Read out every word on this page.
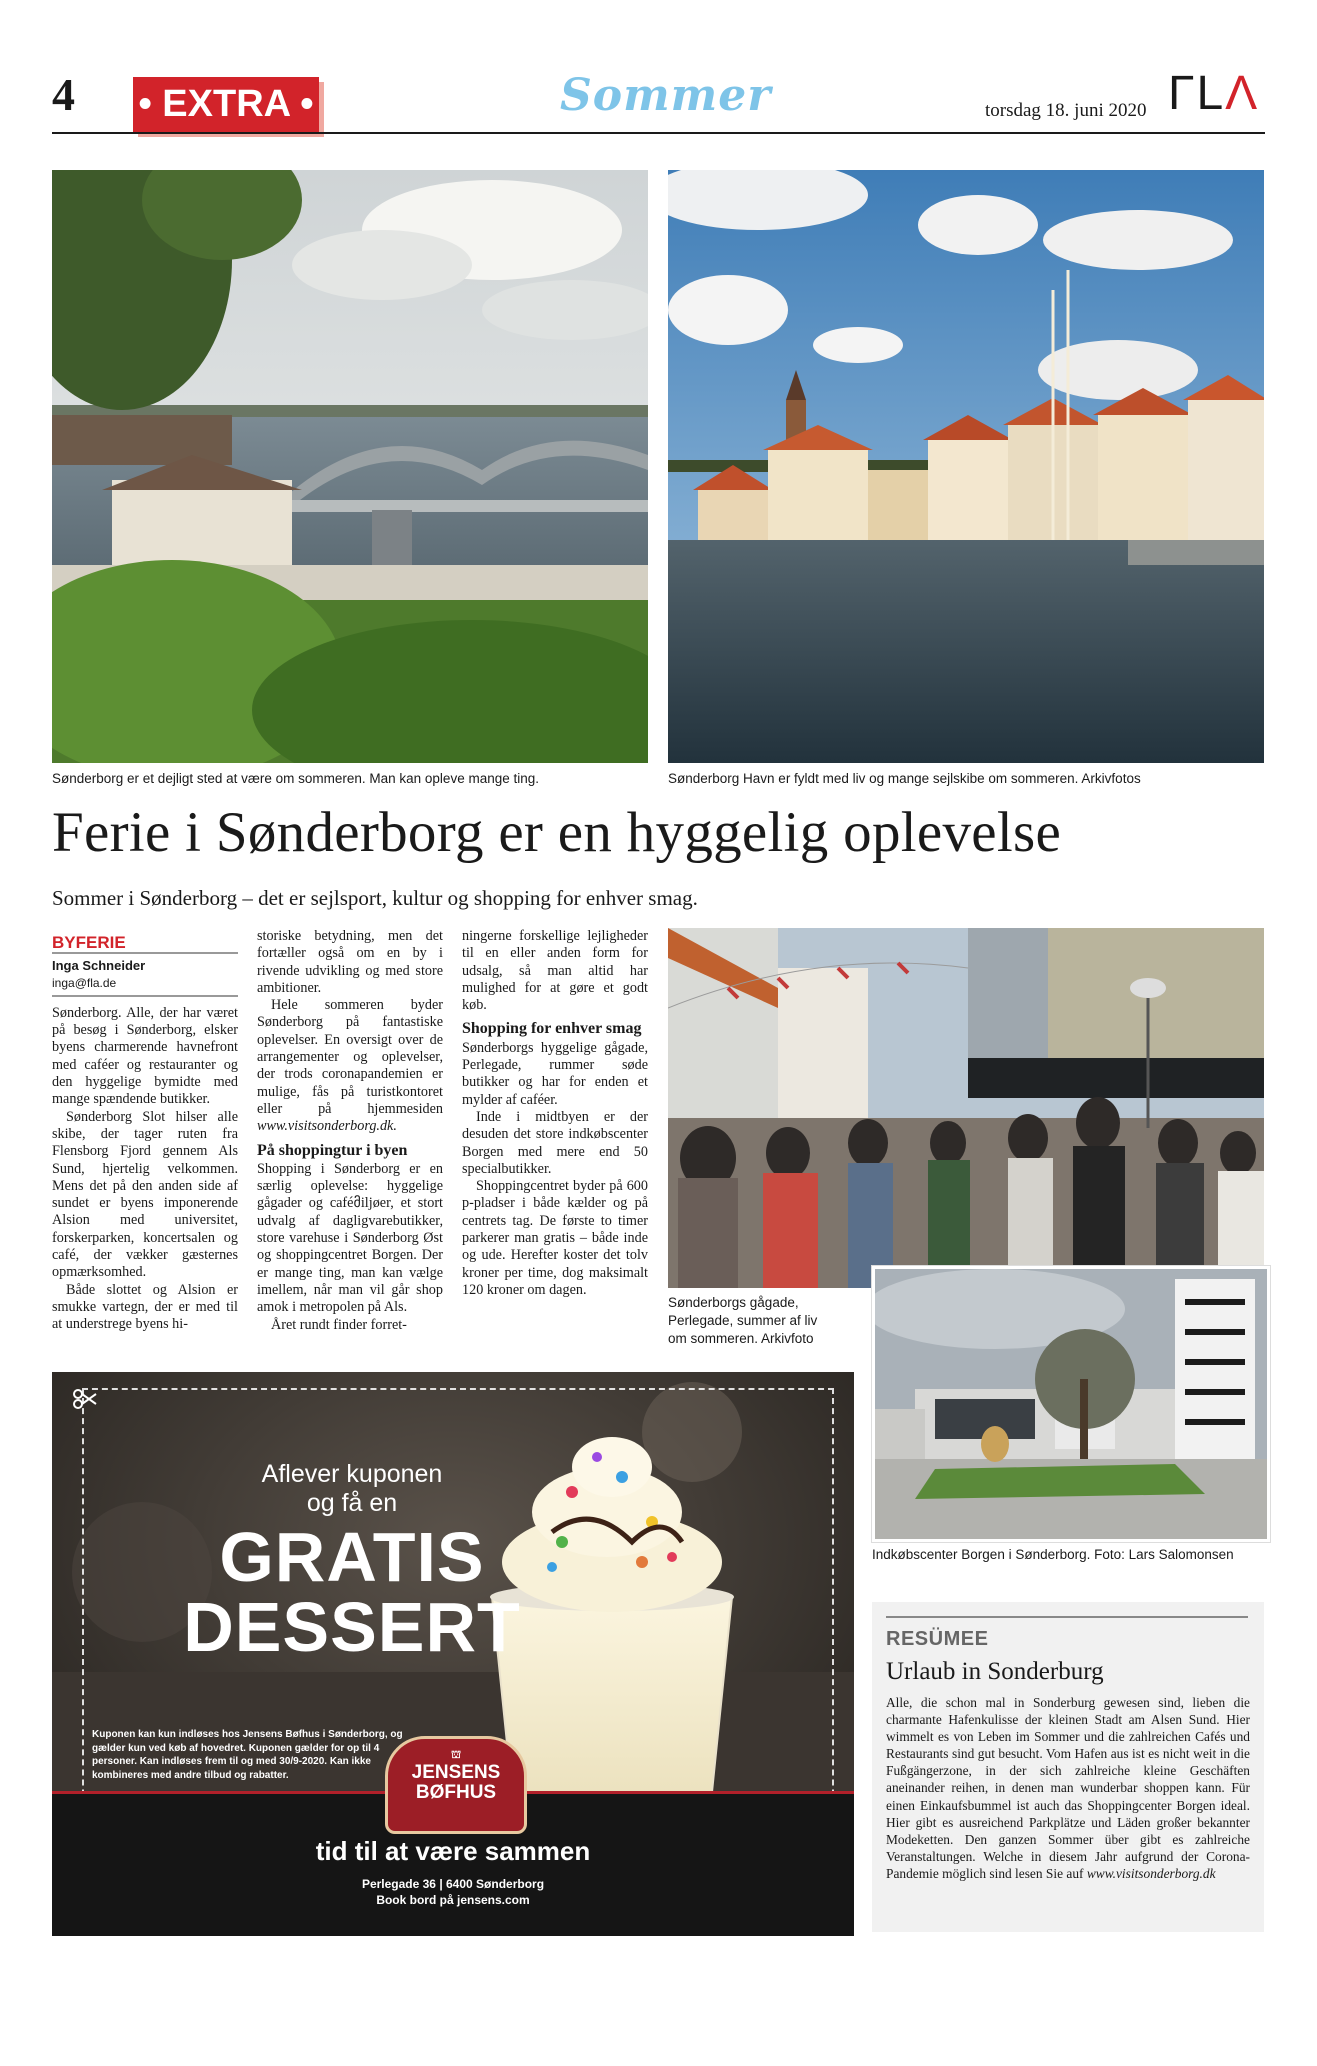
4 • EXTRA •	Sommer	torsdag 18. juni 2020 ΓLΛ
Sønderborg er et dejligt sted at være om sommeren. Man kan opleve mange ting.	Sønderborg Havn er fyldt med liv og mange sejlskibe om sommeren. Arkivfotos
Ferie i Sønderborg er en hyggelig oplevelse
Sommer i Sønderborg – det er sejlsport, kultur og shopping for enhver smag.
BYFERIE
Inga Schneider
inga@fla.de

Sønderborg. Alle, der har været på besøg i Sønderborg, elsker byens charmerende havnefront med caféer og restauranter og den hyggelige bymidte med mange spændende butikker.

Sønderborg Slot hilser alle skibe, der tager ruten fra Flensborg Fjord gennem Als Sund, hjertelig velkommen. Mens det på den anden side af sundet er byens imponerende Alsion med universitet, forskerparken, koncertsalen og café, der vækker gæsternes opmærksomhed.

Både slottet og Alsion er smukke vartegn, der er med til at understrege byens hi-

storiske betydning, men det fortæller også om en by i rivende udvikling og med store ambitioner.

Hele sommeren byder Sønderborg på fantastiske oplevelser. En oversigt over de arrangementer og oplevelser, der trods coronapandemien er mulige, fås på turistkontoret eller på hjemmesiden www.visitsonderborg.dk.

På shoppingtur i byen

Shopping i Sønderborg er en særlig oplevelse: hyggelige gågader og caféმiljøer, et stort udvalg af dagligvarebutikker, store varehuse i Sønderborg Øst og shoppingcentret Borgen. Der er mange ting, man kan vælge imellem, når man vil går shop amok i metropolen på Als.

Året rundt finder forret-

ningerne forskellige lejligheder til en eller anden form for udsalg, så man altid har mulighed for at gøre et godt køb.

Shopping for enhver smag

Sønderborgs hyggelige gågade, Perlegade, rummer søde butikker og har for enden et mylder af caféer.

Inde i midtbyen er der desuden det store indkøbscenter Borgen med mere end 50 specialbutikker.

Shoppingcentret byder på 600 p-pladser i både kælder og på centrets tag. De første to timer parkerer man gratis – både inde og ude. Herefter koster det tolv kroner per time, dog maksimalt 120 kroner om dagen.

Sønderborgs gågade, Perlegade, summer af liv om sommeren. Arkivfoto
Indkøbscenter Borgen i Sønderborg. Foto: Lars Salomonsen
Aflever kuponen
og få en
GRATIS
DESSERT
Kuponen kan kun indløses hos Jensens Bøfhus i Sønderborg, og gælder kun ved køb af hovedret. Kuponen gælder for op til 4 personer. Kan indløses frem til og med 30/9-2020. Kan ikke kombineres med andre tilbud og rabatter.
⛫
JENSENS
BØFHUS
tid til at være sammen
Perlegade 36 | 6400 Sønderborg
Book bord på jensens.com
RESÜMEE
Urlaub in Sonderburg
Alle, die schon mal in Sonderburg gewesen sind, lieben die charmante Hafenkulisse der kleinen Stadt am Alsen Sund. Hier wimmelt es von Leben im Sommer und die zahlreichen Cafés und Restaurants sind gut besucht. Vom Hafen aus ist es nicht weit in die Fußgängerzone, in der sich zahlreiche kleine Geschäften aneinander reihen, in denen man wunderbar shoppen kann. Für einen Einkaufsbummel ist auch das Shoppingcenter Borgen ideal. Hier gibt es ausreichend Parkplätze und Läden großer bekannter Modeketten. Den ganzen Sommer über gibt es zahlreiche Veranstaltungen. Welche in diesem Jahr aufgrund der Corona-Pandemie möglich sind lesen Sie auf www.visitsonderborg.dk
